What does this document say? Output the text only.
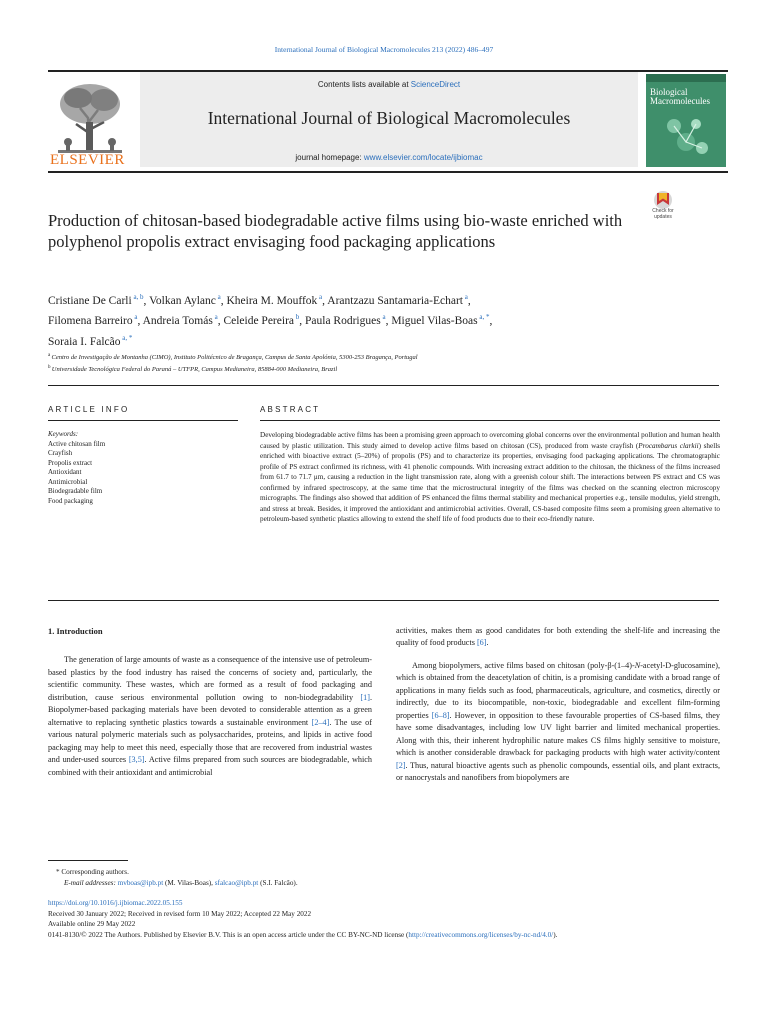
International Journal of Biological Macromolecules 213 (2022) 486–497
ELSEVIER
Contents lists available at ScienceDirect
International Journal of Biological Macromolecules
journal homepage: www.elsevier.com/locate/ijbiomac
Biological
Macromolecules
Production of chitosan-based biodegradable active films using bio-waste enriched with polyphenol propolis extract envisaging food packaging applications
Check for
updates
Cristiane De Carli $^{a, b}$, Volkan Aylanc $^a$, Kheira M. Mouffok $^a$, Arantzazu Santamaria-Echart $^a$,
Filomena Barreiro $^a$, Andreia Tomás $^a$, Celeide Pereira $^b$, Paula Rodrigues $^a$, Miguel Vilas-Boas $^{a, *}$,
Soraia I. Falcão $^{a, *}$
$^a$ Centro de Investigação de Montanha (CIMO), Instituto Politécnico de Bragança, Campus de Santa Apolónia, 5300-253 Bragança, Portugal
$^b$ Universidade Tecnológica Federal do Paraná – UTFPR, Campus Medianeira, 85884-000 Medianeira, Brazil
ARTICLE INFO	ABSTRACT
Keywords:
Active chitosan film
Crayfish
Propolis extract
Antioxidant
Antimicrobial
Biodegradable film
Food packaging
Developing biodegradable active films has been a promising green approach to overcoming global concerns over the environmental pollution and human health caused by plastic utilization. This study aimed to develop active films based on chitosan (CS), produced from waste crayfish (Procambarus clarkii) shells enriched with bioactive extract (5–20%) of propolis (PS) and to characterize its properties, envisaging food packaging applications. The chromatographic profile of PS extract confirmed its richness, with 41 phenolic compounds. With increasing extract addition to the chitosan, the thickness of the films increased from 61.7 to 71.7 μm, causing a reduction in the light transmission rate, along with a greenish colour shift. The interactions between PS extract and CS was confirmed by infrared spectroscopy, at the same time that the microstructural integrity of the films was checked on the scanning electron microscopy micrographs. The findings also showed that addition of PS enhanced the films thermal stability and mechanical properties e.g., tensile modulus, yield strength, and stress at break. Besides, it improved the antioxidant and antimicrobial activities. Overall, CS-based composite films seem a promising green alternative to petroleum-based synthetic plastics allowing to extend the shelf life of food products due to their eco-friendly nature.

1. Introduction

The generation of large amounts of waste as a consequence of the intensive use of petroleum-based plastics by the food industry has raised the concerns of society and, particularly, the scientific community. These wastes, which are formed as a result of food packaging and distribution, cause serious environmental pollution owing to non-biodegradability [1]. Biopolymer-based packaging materials have been devoted to considerable attention as a green alternative to replacing synthetic plastics towards a sustainable environment [2–4]. The use of various natural polymeric materials such as polysaccharides, proteins, and lipids in active food packaging may help to meet this need, especially those that are recovered from industrial wastes and under-used sources [3,5]. Active films prepared from such sources are biodegradable, which combined with their antioxidant and antimicrobial

activities, makes them as good candidates for both extending the shelf-life and increasing the quality of food products [6].

Among biopolymers, active films based on chitosan (poly-β-(1–4)-N-acetyl-D-glucosamine), which is obtained from the deacetylation of chitin, is a promising candidate with a broad range of applications in many fields such as food, pharmaceuticals, agriculture, and cosmetics, directly or indirectly, due to its biocompatible, non-toxic, biodegradable and excellent film-forming properties [6–8]. However, in opposition to these favourable properties of CS-based films, they have some disadvantages, including low UV light barrier and limited mechanical properties. Along with this, their inherent hydrophilic nature makes CS films highly sensitive to moisture, which is another considerable drawback for packaging products with high water activity/content [2]. Thus, natural bioactive agents such as phenolic compounds, essential oils, and plant extracts, or nanocrystals and nanofibers from biopolymers are

* Corresponding authors.
E-mail addresses: mvboas@ipb.pt (M. Vilas-Boas), sfalcao@ipb.pt (S.I. Falcão).
https://doi.org/10.1016/j.ijbiomac.2022.05.155
Received 30 January 2022; Received in revised form 10 May 2022; Accepted 22 May 2022
Available online 29 May 2022
0141-8130/© 2022 The Authors. Published by Elsevier B.V. This is an open access article under the CC BY-NC-ND license (http://creativecommons.org/licenses/by-nc-nd/4.0/).
